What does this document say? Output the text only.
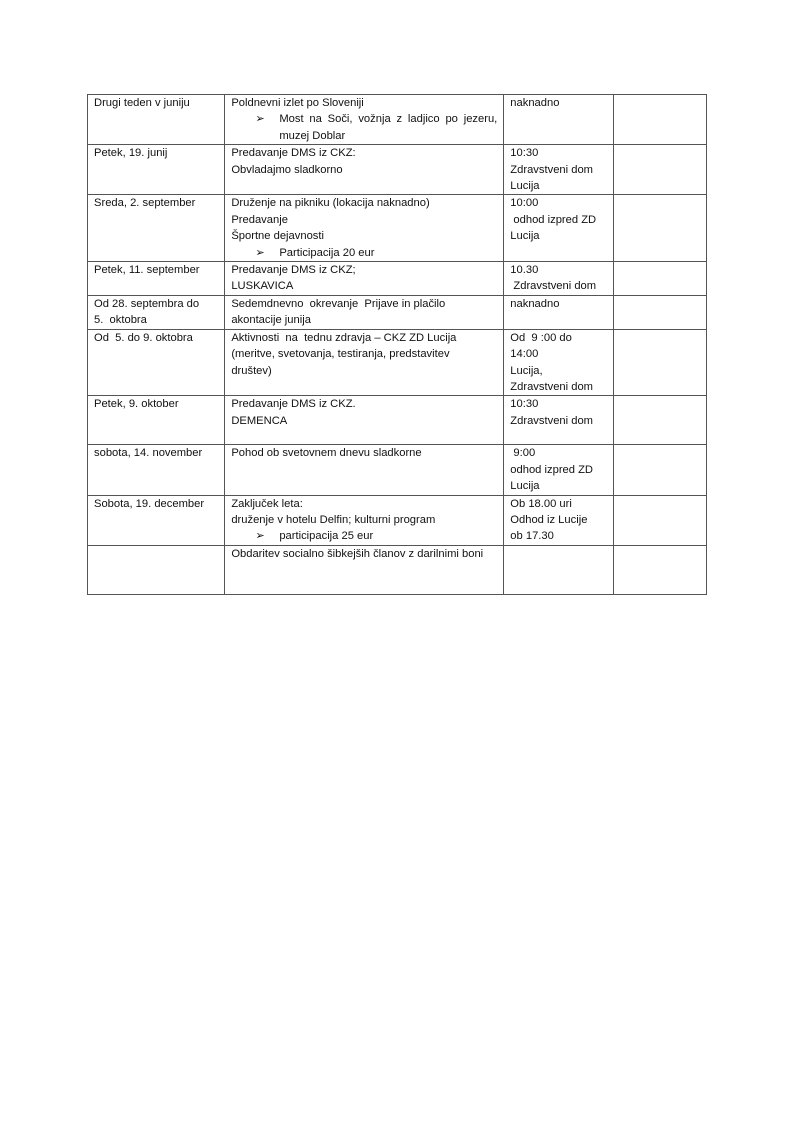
Drugi teden v juniju	Poldnevni izlet po Sloveniji
➢ Most na Soči, vožnja z ladjico po jezeru, muzej Doblar	naknadno	

Petek, 19. junij	Predavanje DMS iz CKZ:
Obvladajmo sladkorno	10:30
Zdravstveni dom
Lucija	

Sreda, 2. september	Druženje na pikniku (lokacija naknadno)
Predavanje
Športne dejavnosti
➢ Participacija 20 eur	10:00
odhod izpred ZD
Lucija	

Petek, 11. september	Predavanje DMS iz CKZ;
LUSKAVICA	10.30
Zdravstveni dom	

Od 28. septembra do
5.  oktobra	Sedemdnevno  okrevanje  Prijave in plačilo
akontacije junija	naknadno	

Od  5. do 9. oktobra	Aktivnosti  na  tednu zdravja – CKZ ZD Lucija
(meritve, svetovanja, testiranja, predstavitev
društev)	Od  9 :00 do
14:00
Lucija,
Zdravstveni dom	

Petek, 9. oktober	Predavanje DMS iz CKZ.
DEMENCA	10:30
Zdravstveni dom	

sobota, 14. november	Pohod ob svetovnem dnevu sladkorne	9:00
odhod izpred ZD
Lucija	

Sobota, 19. december	Zaključek leta:
druženje v hotelu Delfin; kulturni program
➢ participacija 25 eur	Ob 18.00 uri
Odhod iz Lucije
ob 17.30	

	Obdaritev socialno šibkejših članov z darilnimi boni		
